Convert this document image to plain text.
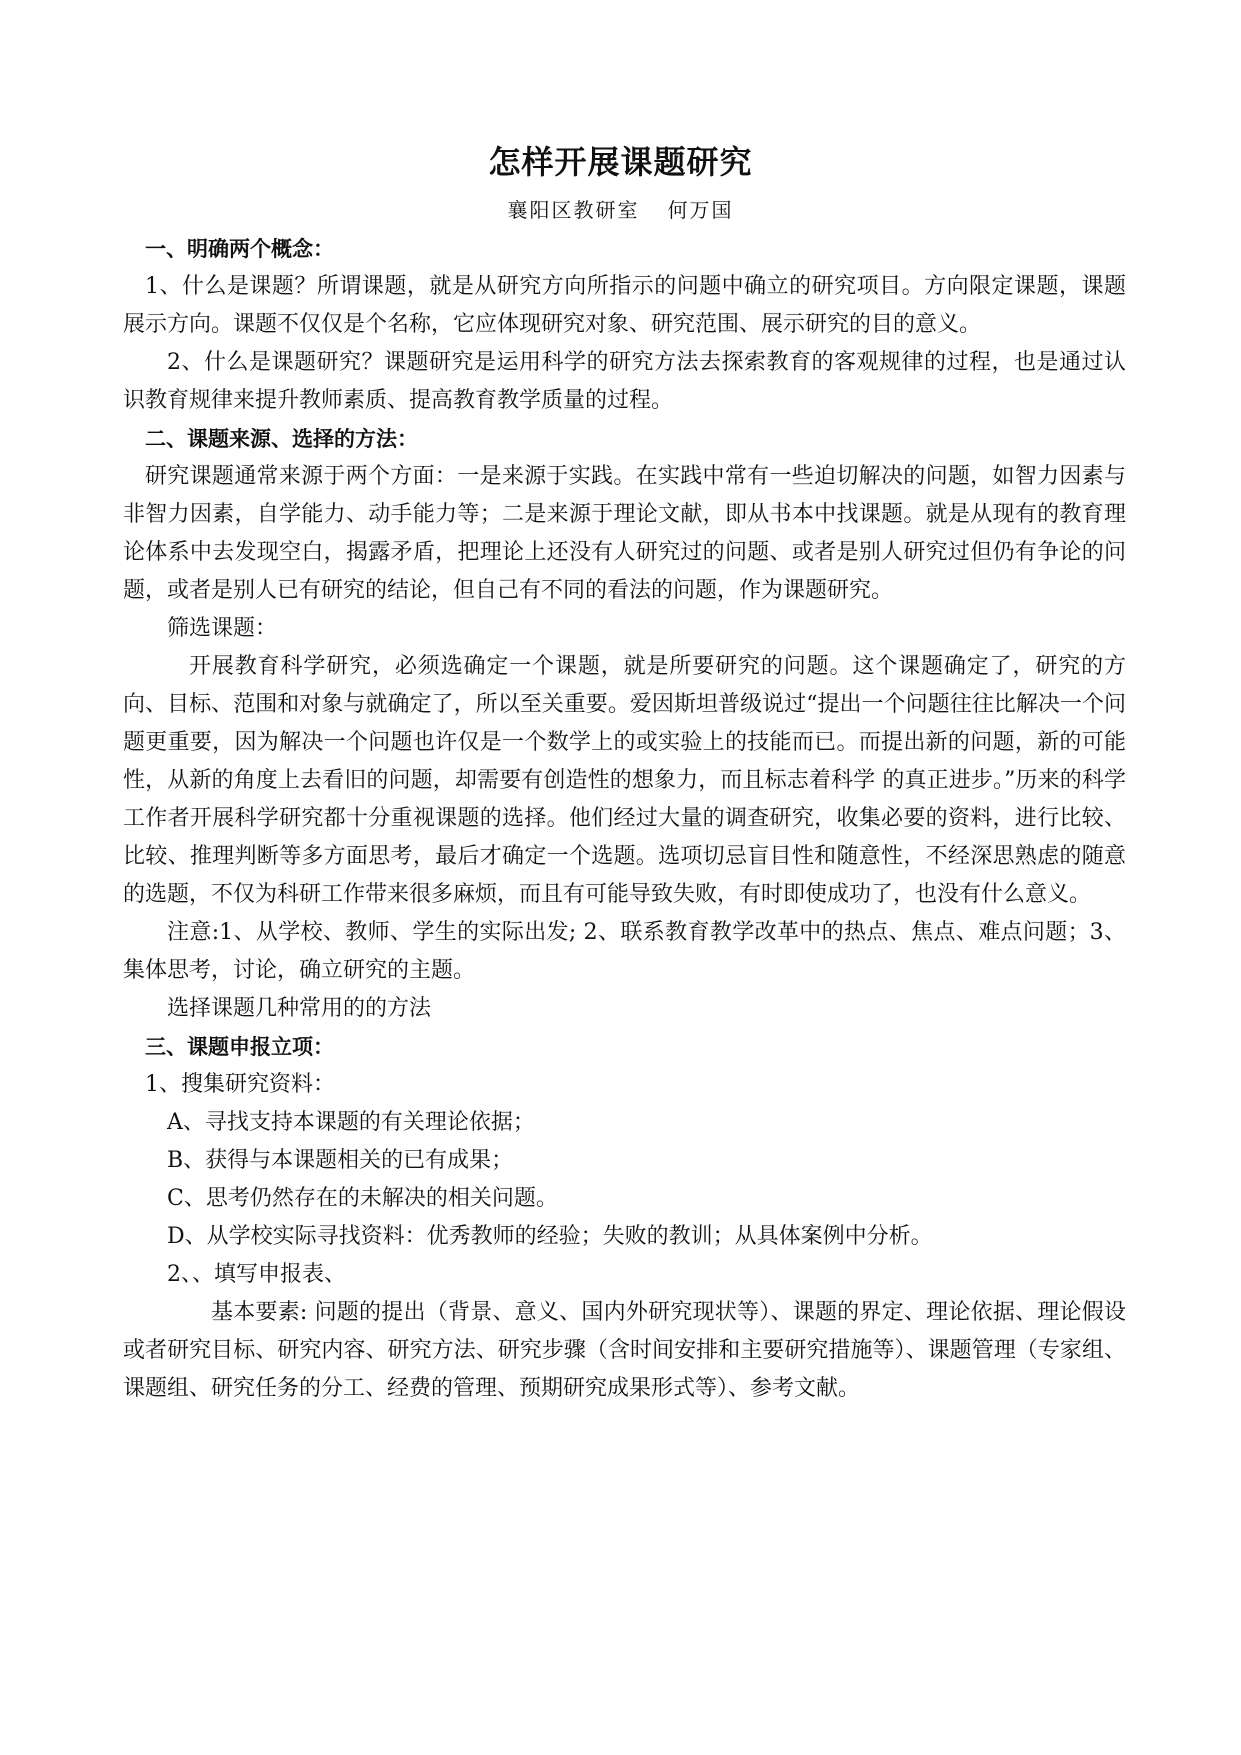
怎样开展课题研究
襄阳区教研室 何万国

一、明确两个概念：

1、什么是课题？所谓课题，就是从研究方向所指示的问题中确立的研究项目。方向限定课题，课题展示方向。课题不仅仅是个名称，它应体现研究对象、研究范围、展示研究的目的意义。

2、什么是课题研究？课题研究是运用科学的研究方法去探索教育的客观规律的过程，也是通过认识教育规律来提升教师素质、提高教育教学质量的过程。

二、课题来源、选择的方法：

研究课题通常来源于两个方面：一是来源于实践。在实践中常有一些迫切解决的问题，如智力因素与非智力因素，自学能力、动手能力等；二是来源于理论文献，即从书本中找课题。就是从现有的教育理论体系中去发现空白，揭露矛盾，把理论上还没有人研究过的问题、或者是别人研究过但仍有争论的问题，或者是别人已有研究的结论，但自己有不同的看法的问题，作为课题研究。

筛选课题：

开展教育科学研究，必须选确定一个课题，就是所要研究的问题。这个课题确定了，研究的方向、目标、范围和对象与就确定了，所以至关重要。爱因斯坦普级说过“提出一个问题往往比解决一个问题更重要，因为解决一个问题也许仅是一个数学上的或实验上的技能而已。而提出新的问题，新的可能性，从新的角度上去看旧的问题，却需要有创造性的想象力，而且标志着科学 的真正进步。”历来的科学工作者开展科学研究都十分重视课题的选择。他们经过大量的调查研究，收集必要的资料，进行比较、比较、推理判断等多方面思考，最后才确定一个选题。选项切忌盲目性和随意性，不经深思熟虑的随意的选题，不仅为科研工作带来很多麻烦，而且有可能导致失败，有时即使成功了，也没有什么意义。

注意:1、从学校、教师、学生的实际出发; 2、联系教育教学改革中的热点、焦点、难点问题；3、集体思考，讨论，确立研究的主题。

选择课题几种常用的的方法

三、课题申报立项：

1、搜集研究资料：

A、寻找支持本课题的有关理论依据；

B、获得与本课题相关的已有成果；

C、思考仍然存在的未解决的相关问题。

D、从学校实际寻找资料：优秀教师的经验；失败的教训；从具体案例中分析。

2、、填写申报表、

基本要素: 问题的提出（背景、意义、国内外研究现状等）、课题的界定、理论依据、理论假设或者研究目标、研究内容、研究方法、研究步骤（含时间安排和主要研究措施等）、课题管理（专家组、课题组、研究任务的分工、经费的管理、预期研究成果形式等）、参考文献。
